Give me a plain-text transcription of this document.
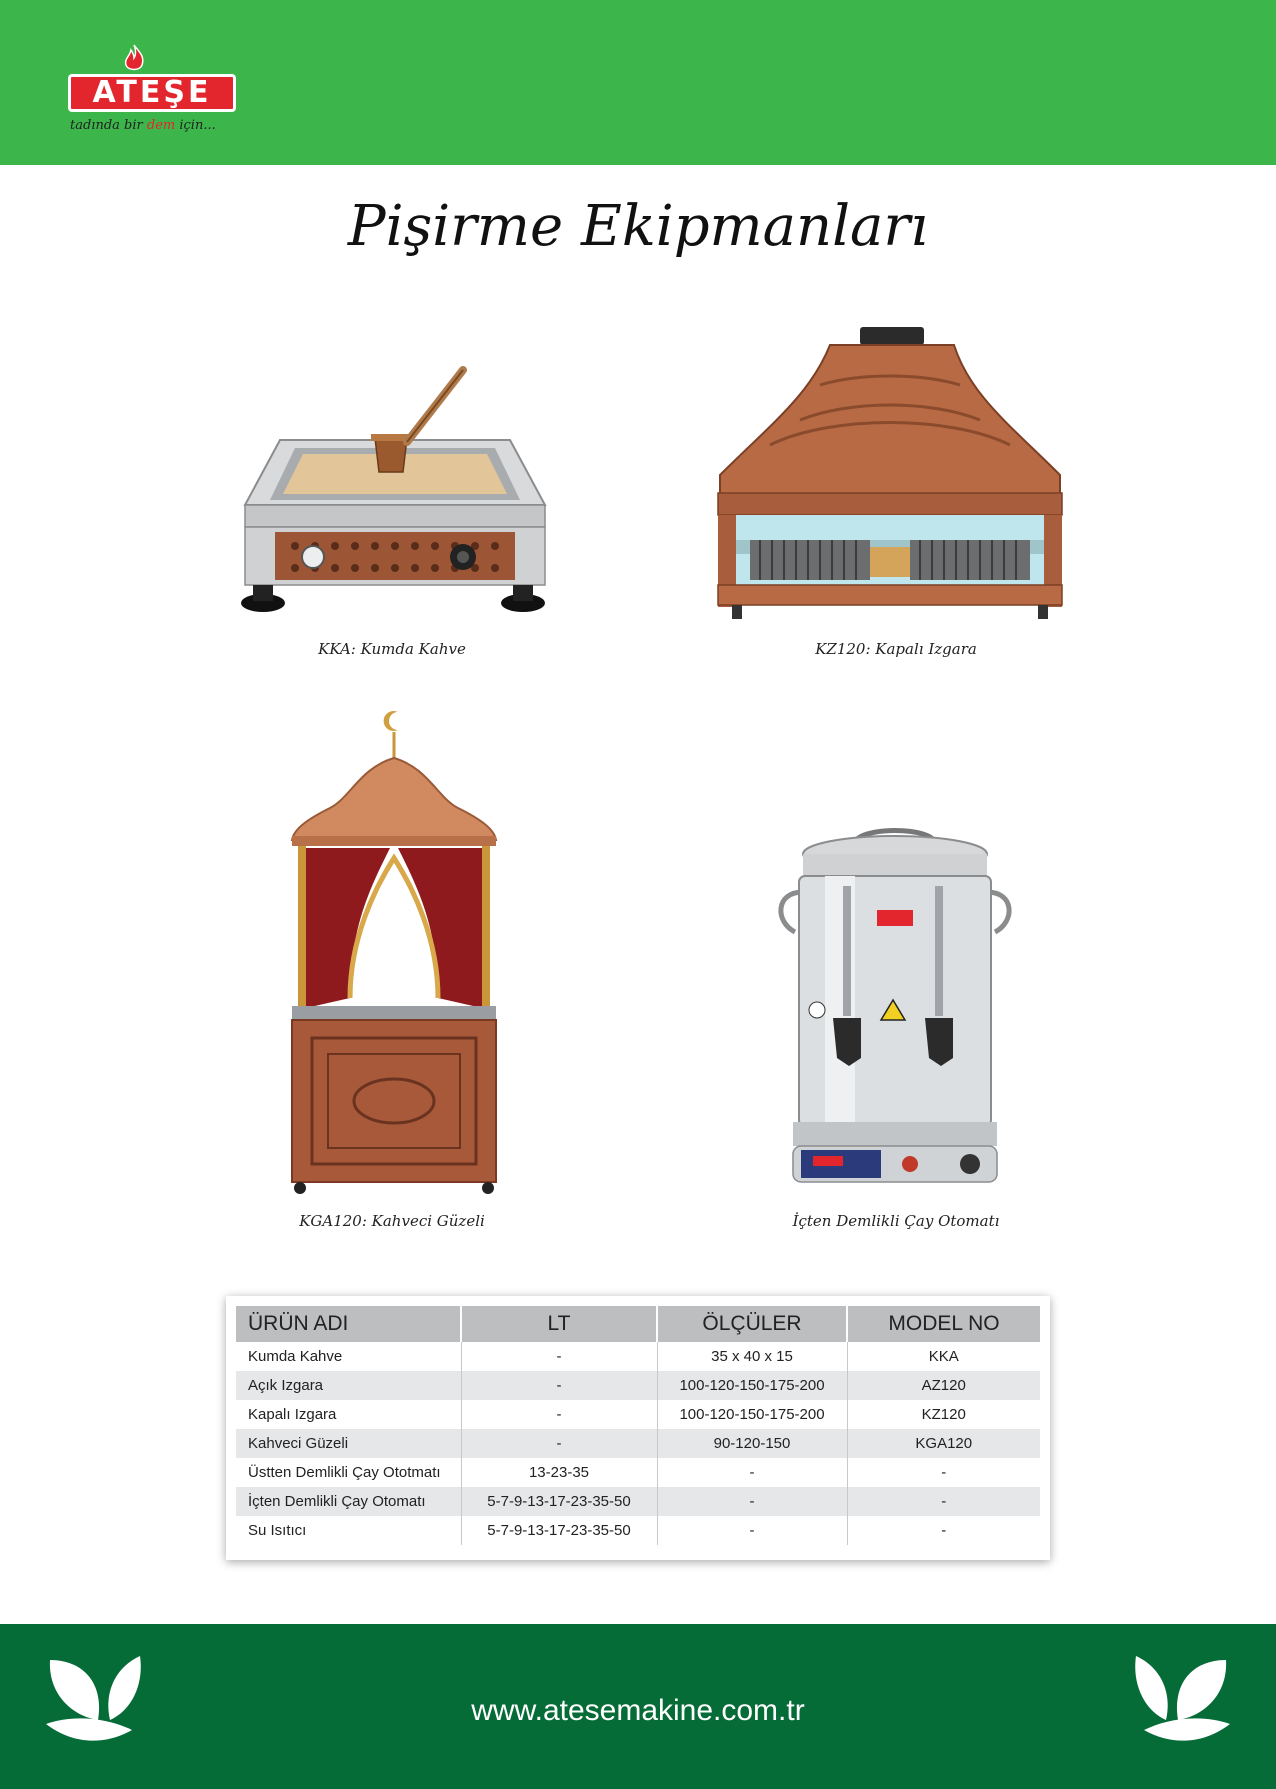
ATEŞE
tadında bir dem için...
Pişirme Ekipmanları
KKA: Kumda Kahve	KZ120: Kapalı Izgara
KGA120: Kahveci Güzeli	İçten Demlikli Çay Otomatı
ÜRÜN ADI	LT	ÖLÇÜLER	MODEL NO
Kumda Kahve	-	35 x 40 x 15	KKA
Açık Izgara	-	100-120-150-175-200	AZ120
Kapalı Izgara	-	100-120-150-175-200	KZ120
Kahveci Güzeli	-	90-120-150	KGA120
Üstten Demlikli Çay Ototmatı	13-23-35	-	-
İçten Demlikli Çay Otomatı	5-7-9-13-17-23-35-50	-	-
Su Isıtıcı	5-7-9-13-17-23-35-50	-	-
www.atesemakine.com.tr
